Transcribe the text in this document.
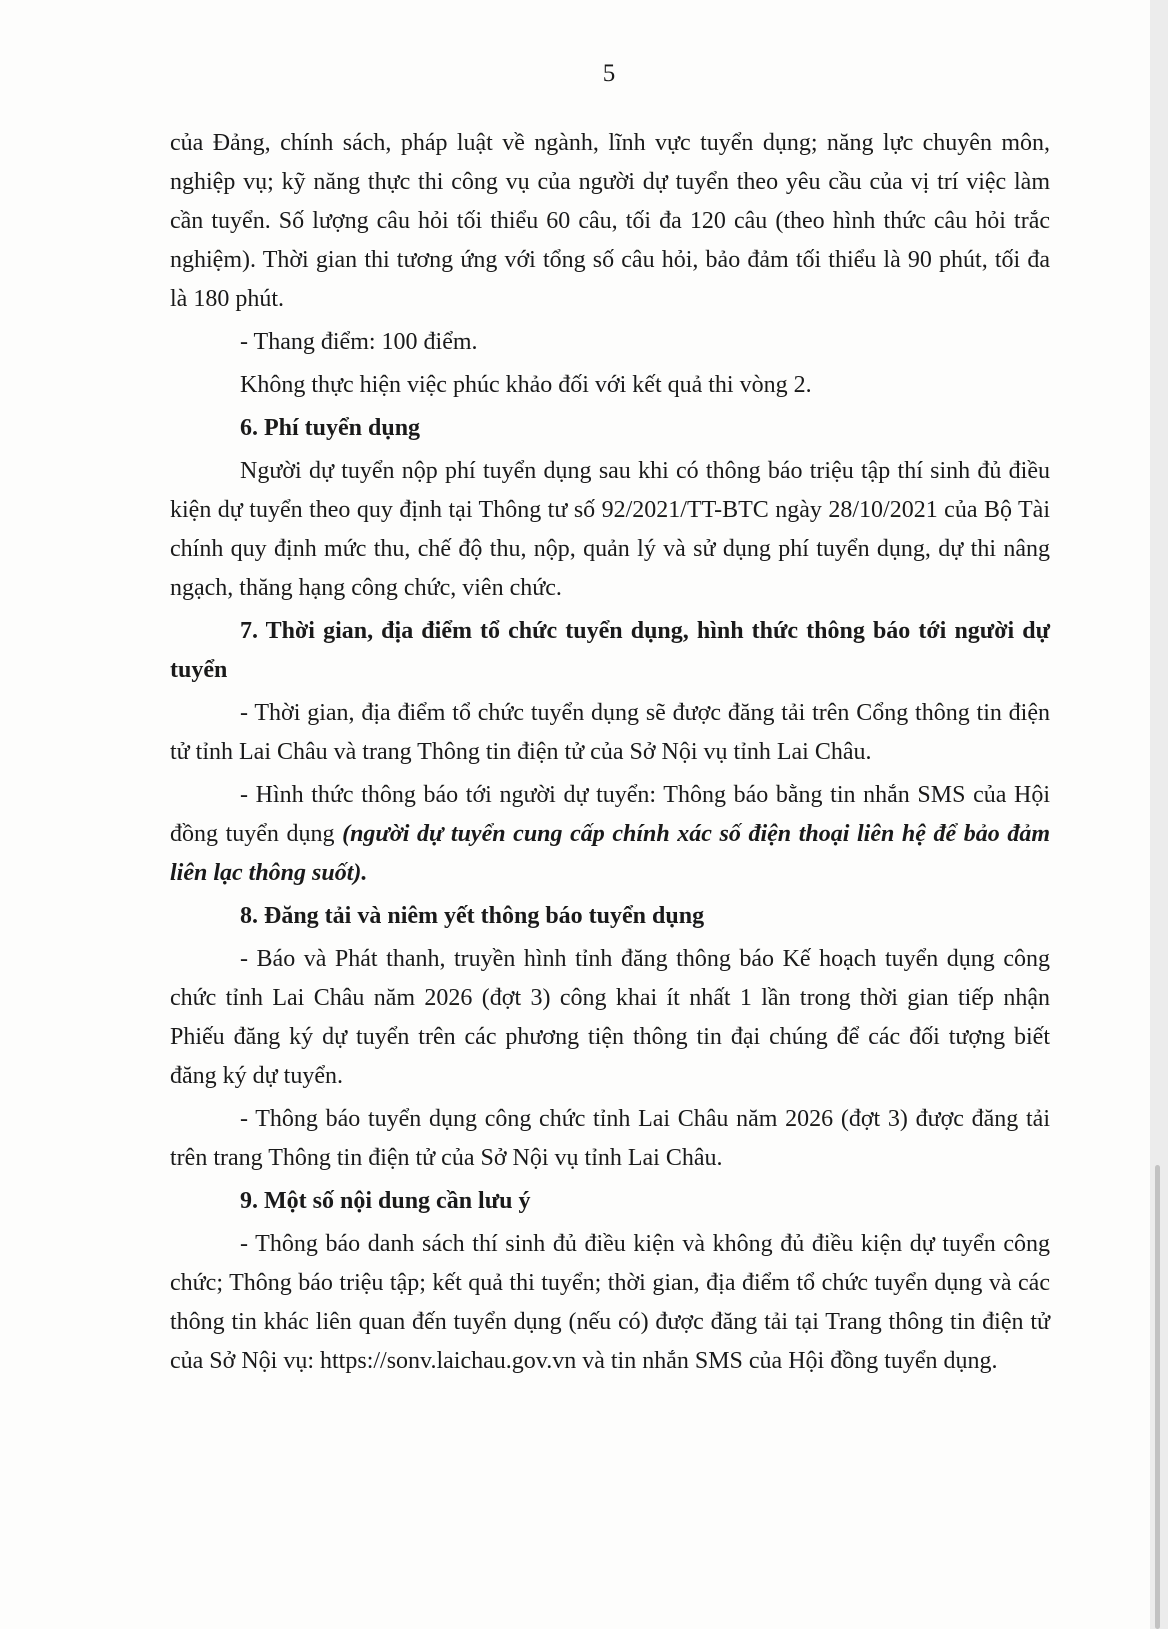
5

của Đảng, chính sách, pháp luật về ngành, lĩnh vực tuyển dụng; năng lực chuyên môn, nghiệp vụ; kỹ năng thực thi công vụ của người dự tuyển theo yêu cầu của vị trí việc làm cần tuyển. Số lượng câu hỏi tối thiểu 60 câu, tối đa 120 câu (theo hình thức câu hỏi trắc nghiệm). Thời gian thi tương ứng với tổng số câu hỏi, bảo đảm tối thiểu là 90 phút, tối đa là 180 phút.

- Thang điểm: 100 điểm.

Không thực hiện việc phúc khảo đối với kết quả thi vòng 2.

6. Phí tuyển dụng

Người dự tuyển nộp phí tuyển dụng sau khi có thông báo triệu tập thí sinh đủ điều kiện dự tuyển theo quy định tại Thông tư số 92/2021/TT-BTC ngày 28/10/2021 của Bộ Tài chính quy định mức thu, chế độ thu, nộp, quản lý và sử dụng phí tuyển dụng, dự thi nâng ngạch, thăng hạng công chức, viên chức.

7. Thời gian, địa điểm tổ chức tuyển dụng, hình thức thông báo tới người dự tuyển

- Thời gian, địa điểm tổ chức tuyển dụng sẽ được đăng tải trên Cổng thông tin điện tử tỉnh Lai Châu và trang Thông tin điện tử của Sở Nội vụ tỉnh Lai Châu.

- Hình thức thông báo tới người dự tuyển: Thông báo bằng tin nhắn SMS của Hội đồng tuyển dụng (người dự tuyển cung cấp chính xác số điện thoại liên hệ để bảo đảm liên lạc thông suốt).

8. Đăng tải và niêm yết thông báo tuyển dụng

- Báo và Phát thanh, truyền hình tỉnh đăng thông báo Kế hoạch tuyển dụng công chức tỉnh Lai Châu năm 2026 (đợt 3) công khai ít nhất 1 lần trong thời gian tiếp nhận Phiếu đăng ký dự tuyển trên các phương tiện thông tin đại chúng để các đối tượng biết đăng ký dự tuyển.

- Thông báo tuyển dụng công chức tỉnh Lai Châu năm 2026 (đợt 3) được đăng tải trên trang Thông tin điện tử của Sở Nội vụ tỉnh Lai Châu.

9. Một số nội dung cần lưu ý

- Thông báo danh sách thí sinh đủ điều kiện và không đủ điều kiện dự tuyển công chức; Thông báo triệu tập; kết quả thi tuyển; thời gian, địa điểm tổ chức tuyển dụng và các thông tin khác liên quan đến tuyển dụng (nếu có) được đăng tải tại Trang thông tin điện tử của Sở Nội vụ: https://sonv.laichau.gov.vn và tin nhắn SMS của Hội đồng tuyển dụng.
